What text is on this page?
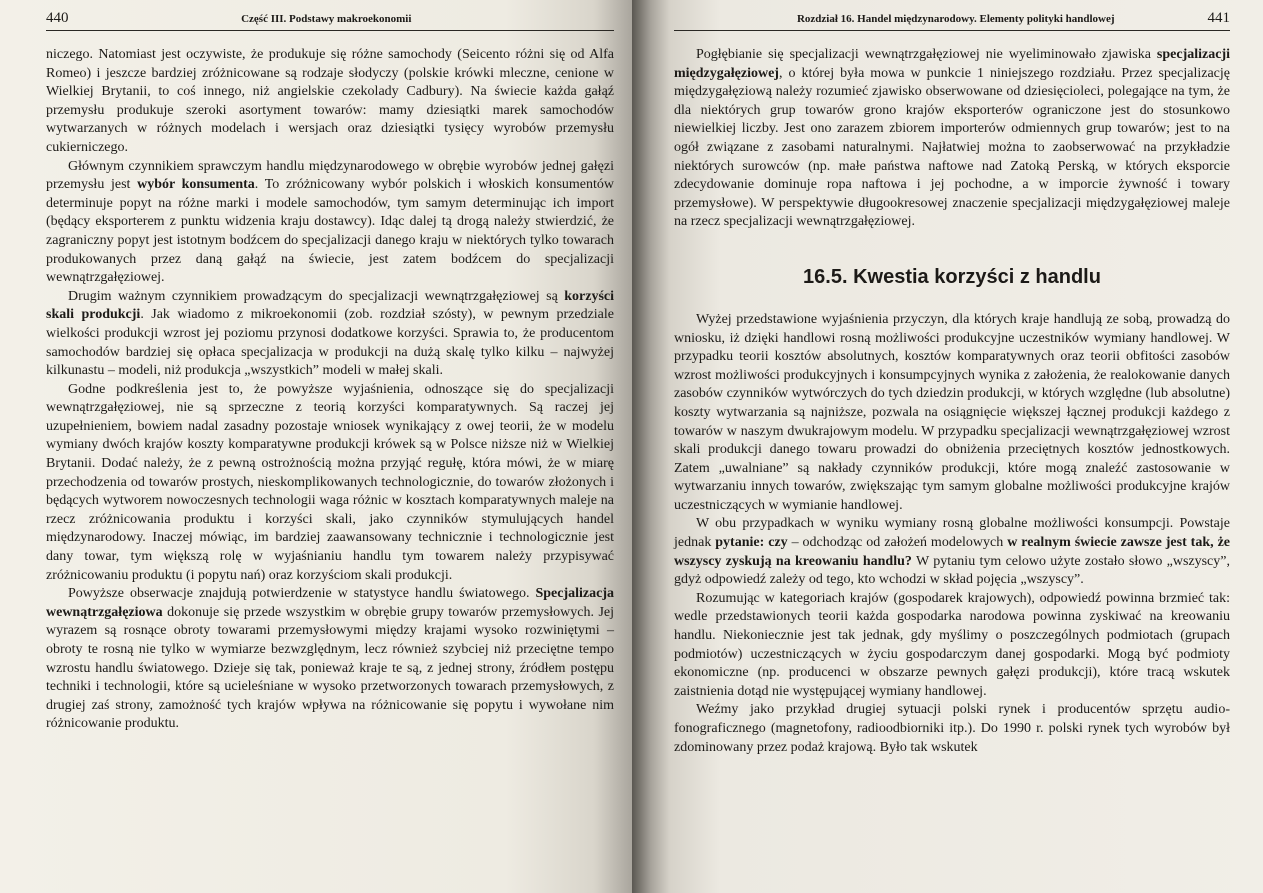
440	Część III. Podstawy makroekonomii

niczego. Natomiast jest oczywiste, że produkuje się różne samochody (Seicento różni się od Alfa Romeo) i jeszcze bardziej zróżnicowane są rodzaje słodyczy (polskie krówki mleczne, cenione w Wielkiej Brytanii, to coś innego, niż angielskie czekolady Cadbury). Na świecie każda gałąź przemysłu produkuje szeroki asortyment towarów: mamy dziesiątki marek samochodów wytwarzanych w różnych modelach i wersjach oraz dziesiątki tysięcy wyrobów przemysłu cukierniczego.

Głównym czynnikiem sprawczym handlu międzynarodowego w obrębie wyrobów jednej gałęzi przemysłu jest wybór konsumenta. To zróżnicowany wybór polskich i włoskich konsumentów determinuje popyt na różne marki i modele samochodów, tym samym determinując ich import (będący eksporterem z punktu widzenia kraju dostawcy). Idąc dalej tą drogą należy stwierdzić, że zagraniczny popyt jest istotnym bodźcem do specjalizacji danego kraju w niektórych tylko towarach produkowanych przez daną gałąź na świecie, jest zatem bodźcem do specjalizacji wewnątrzgałęziowej.

Drugim ważnym czynnikiem prowadzącym do specjalizacji wewnątrzgałęziowej są korzyści skali produkcji. Jak wiadomo z mikroekonomii (zob. rozdział szósty), w pewnym przedziale wielkości produkcji wzrost jej poziomu przynosi dodatkowe korzyści. Sprawia to, że producentom samochodów bardziej się opłaca specjalizacja w produkcji na dużą skalę tylko kilku – najwyżej kilkunastu – modeli, niż produkcja „wszystkich” modeli w małej skali.

Godne podkreślenia jest to, że powyższe wyjaśnienia, odnoszące się do specjalizacji wewnątrzgałęziowej, nie są sprzeczne z teorią korzyści komparatywnych. Są raczej jej uzupełnieniem, bowiem nadal zasadny pozostaje wniosek wynikający z owej teorii, że w modelu wymiany dwóch krajów koszty komparatywne produkcji krówek są w Polsce niższe niż w Wielkiej Brytanii. Dodać należy, że z pewną ostrożnością można przyjąć regułę, która mówi, że w miarę przechodzenia od towarów prostych, nieskomplikowanych technologicznie, do towarów złożonych i będących wytworem nowoczesnych technologii waga różnic w kosztach komparatywnych maleje na rzecz zróżnicowania produktu i korzyści skali, jako czynników stymulujących handel międzynarodowy. Inaczej mówiąc, im bardziej zaawansowany technicznie i technologicznie jest dany towar, tym większą rolę w wyjaśnianiu handlu tym towarem należy przypisywać zróżnicowaniu produktu (i popytu nań) oraz korzyściom skali produkcji.

Powyższe obserwacje znajdują potwierdzenie w statystyce handlu światowego. Specjalizacja wewnątrzgałęziowa dokonuje się przede wszystkim w obrębie grupy towarów przemysłowych. Jej wyrazem są rosnące obroty towarami przemysłowymi między krajami wysoko rozwiniętymi – obroty te rosną nie tylko w wymiarze bezwzględnym, lecz również szybciej niż przeciętne tempo wzrostu handlu światowego. Dzieje się tak, ponieważ kraje te są, z jednej strony, źródłem postępu techniki i technologii, które są ucieleśniane w wysoko przetworzonych towarach przemysłowych, z drugiej zaś strony, zamożność tych krajów wpływa na różnicowanie się popytu i wywołane nim różnicowanie produktu.

Rozdział 16. Handel międzynarodowy. Elementy polityki handlowej	441

Pogłębianie się specjalizacji wewnątrzgałęziowej nie wyeliminowało zjawiska specjalizacji międzygałęziowej, o której była mowa w punkcie 1 niniejszego rozdziału. Przez specjalizację międzygałęziową należy rozumieć zjawisko obserwowane od dziesięcioleci, polegające na tym, że dla niektórych grup towarów grono krajów eksporterów ograniczone jest do stosunkowo niewielkiej liczby. Jest ono zarazem zbiorem importerów odmiennych grup towarów; jest to na ogół związane z zasobami naturalnymi. Najłatwiej można to zaobserwować na przykładzie niektórych surowców (np. małe państwa naftowe nad Zatoką Perską, w których eksporcie zdecydowanie dominuje ropa naftowa i jej pochodne, a w imporcie żywność i towary przemysłowe). W perspektywie długookresowej znaczenie specjalizacji międzygałęziowej maleje na rzecz specjalizacji wewnątrzgałęziowej.

16.5. Kwestia korzyści z handlu

Wyżej przedstawione wyjaśnienia przyczyn, dla których kraje handlują ze sobą, prowadzą do wniosku, iż dzięki handlowi rosną możliwości produkcyjne uczestników wymiany handlowej. W przypadku teorii kosztów absolutnych, kosztów komparatywnych oraz teorii obfitości zasobów wzrost możliwości produkcyjnych i konsumpcyjnych wynika z założenia, że realokowanie danych zasobów czynników wytwórczych do tych dziedzin produkcji, w których względne (lub absolutne) koszty wytwarzania są najniższe, pozwala na osiągnięcie większej łącznej produkcji każdego z towarów w naszym dwukrajowym modelu. W przypadku specjalizacji wewnątrzgałęziowej wzrost skali produkcji danego towaru prowadzi do obniżenia przeciętnych kosztów jednostkowych. Zatem „uwalniane” są nakłady czynników produkcji, które mogą znaleźć zastosowanie w wytwarzaniu innych towarów, zwiększając tym samym globalne możliwości produkcyjne krajów uczestniczących w wymianie handlowej.

W obu przypadkach w wyniku wymiany rosną globalne możliwości konsumpcji. Powstaje jednak pytanie: czy – odchodząc od założeń modelowych w realnym świecie zawsze jest tak, że wszyscy zyskują na kreowaniu handlu? W pytaniu tym celowo użyte zostało słowo „wszyscy”, gdyż odpowiedź zależy od tego, kto wchodzi w skład pojęcia „wszyscy”.

Rozumując w kategoriach krajów (gospodarek krajowych), odpowiedź powinna brzmieć tak: wedle przedstawionych teorii każda gospodarka narodowa powinna zyskiwać na kreowaniu handlu. Niekoniecznie jest tak jednak, gdy myślimy o poszczególnych podmiotach (grupach podmiotów) uczestniczących w życiu gospodarczym danej gospodarki. Mogą być podmioty ekonomiczne (np. producenci w obszarze pewnych gałęzi produkcji), które tracą wskutek zaistnienia dotąd nie występującej wymiany handlowej.

Weźmy jako przykład drugiej sytuacji polski rynek i producentów sprzętu audio-fonograficznego (magnetofony, radioodbiorniki itp.). Do 1990 r. polski rynek tych wyrobów był zdominowany przez podaż krajową. Było tak wskutek
